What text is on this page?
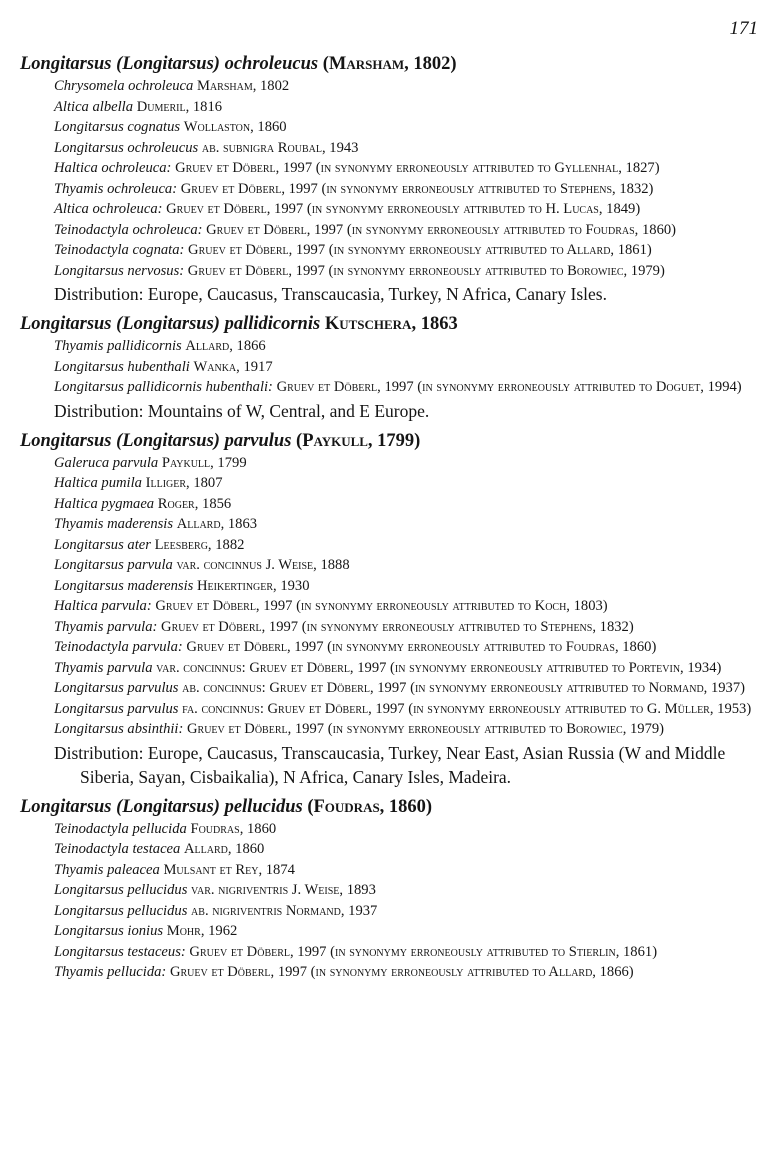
171

Longitarsus (Longitarsus) ochroleucus (Marsham, 1802)

Chrysomela ochroleuca Marsham, 1802
Altica albella Dumeril, 1816
Longitarsus cognatus Wollaston, 1860
Longitarsus ochroleucus ab. subnigra Roubal, 1943
Haltica ochroleuca: Gruev et Döberl, 1997 (in synonymy erroneously attributed to Gyllenhal, 1827)
Thyamis ochroleuca: Gruev et Döberl, 1997 (in synonymy erroneously attributed to Stephens, 1832)
Altica ochroleuca: Gruev et Döberl, 1997 (in synonymy erroneously attributed to H. Lucas, 1849)
Teinodactyla ochroleuca: Gruev et Döberl, 1997 (in synonymy erroneously attributed to Foudras, 1860)
Teinodactyla cognata: Gruev et Döberl, 1997 (in synonymy erroneously attributed to Allard, 1861)
Longitarsus nervosus: Gruev et Döberl, 1997 (in synonymy erroneously attributed to Borowiec, 1979)

Distribution: Europe, Caucasus, Transcaucasia, Turkey, N Africa, Canary Isles.

Longitarsus (Longitarsus) pallidicornis Kutschera, 1863

Thyamis pallidicornis Allard, 1866
Longitarsus hubenthali Wanka, 1917
Longitarsus pallidicornis hubenthali: Gruev et Döberl, 1997 (in synonymy erroneously attributed to Doguet, 1994)

Distribution: Mountains of W, Central, and E Europe.

Longitarsus (Longitarsus) parvulus (Paykull, 1799)

Galeruca parvula Paykull, 1799
Haltica pumila Illiger, 1807
Haltica pygmaea Roger, 1856
Thyamis maderensis Allard, 1863
Longitarsus ater Leesberg, 1882
Longitarsus parvula var. concinnus J. Weise, 1888
Longitarsus maderensis Heikertinger, 1930
Haltica parvula: Gruev et Döberl, 1997 (in synonymy erroneously attributed to Koch, 1803)
Thyamis parvula: Gruev et Döberl, 1997 (in synonymy erroneously attributed to Stephens, 1832)
Teinodactyla parvula: Gruev et Döberl, 1997 (in synonymy erroneously attributed to Foudras, 1860)
Thyamis parvula var. concinnus: Gruev et Döberl, 1997 (in synonymy erroneously attributed to Portevin, 1934)
Longitarsus parvulus ab. concinnus: Gruev et Döberl, 1997 (in synonymy erroneously attributed to Normand, 1937)
Longitarsus parvulus fa. concinnus: Gruev et Döberl, 1997 (in synonymy erroneously attributed to G. Müller, 1953)
Longitarsus absinthii: Gruev et Döberl, 1997 (in synonymy erroneously attributed to Borowiec, 1979)

Distribution: Europe, Caucasus, Transcaucasia, Turkey, Near East, Asian Russia (W and Middle Siberia, Sayan, Cisbaikalia), N Africa, Canary Isles, Madeira.

Longitarsus (Longitarsus) pellucidus (Foudras, 1860)

Teinodactyla pellucida Foudras, 1860
Teinodactyla testacea Allard, 1860
Thyamis paleacea Mulsant et Rey, 1874
Longitarsus pellucidus var. nigriventris J. Weise, 1893
Longitarsus pellucidus ab. nigriventris Normand, 1937
Longitarsus ionius Mohr, 1962
Longitarsus testaceus: Gruev et Döberl, 1997 (in synonymy erroneously attributed to Stierlin, 1861)
Thyamis pellucida: Gruev et Döberl, 1997 (in synonymy erroneously attributed to Allard, 1866)
